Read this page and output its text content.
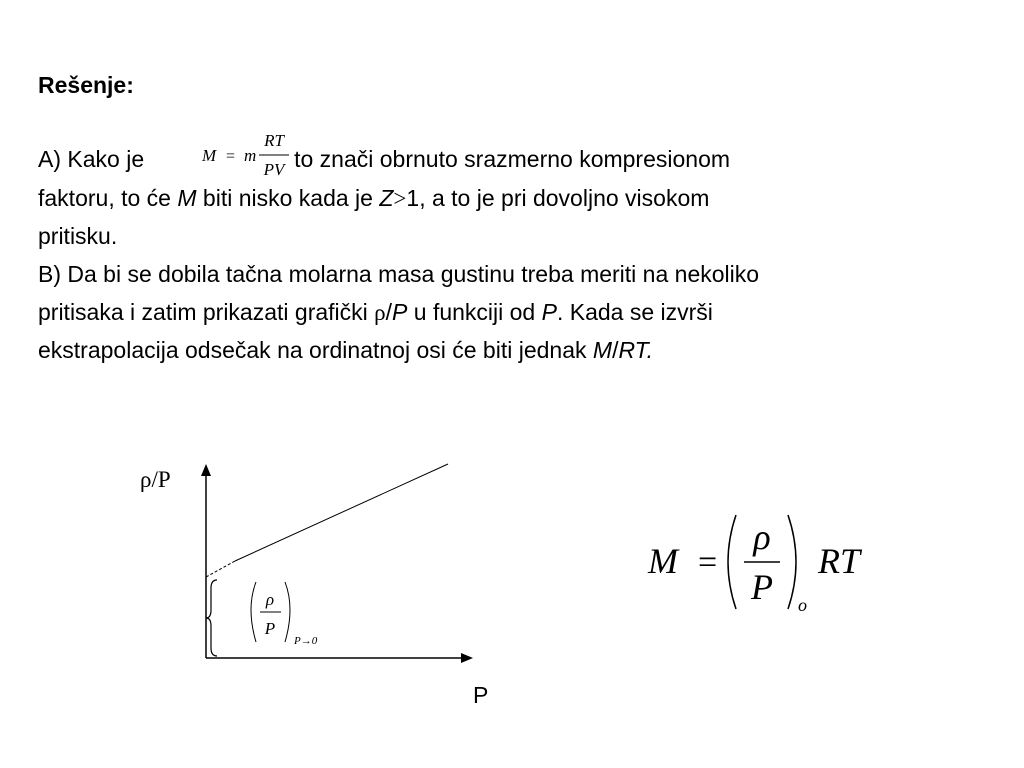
Rešenje:
A) Kako je	to znači obrnuto srazmerno kompresionom
faktoru, to će M biti nisko kada je Z>1, a to je pri dovoljno visokom
pritisku.
B) Da bi se dobila tačna molarna masa gustinu treba meriti na nekoliko
pritisaka i zatim prikazati grafički ρ/P u funkciji od P. Kada se izvrši
ekstrapolacija odsečak na ordinatnoj osi će biti jednak M/RT.
M = m
RT
PV
ρ/P
P
ρ
P
P→0
M =
ρ
P o
RT
